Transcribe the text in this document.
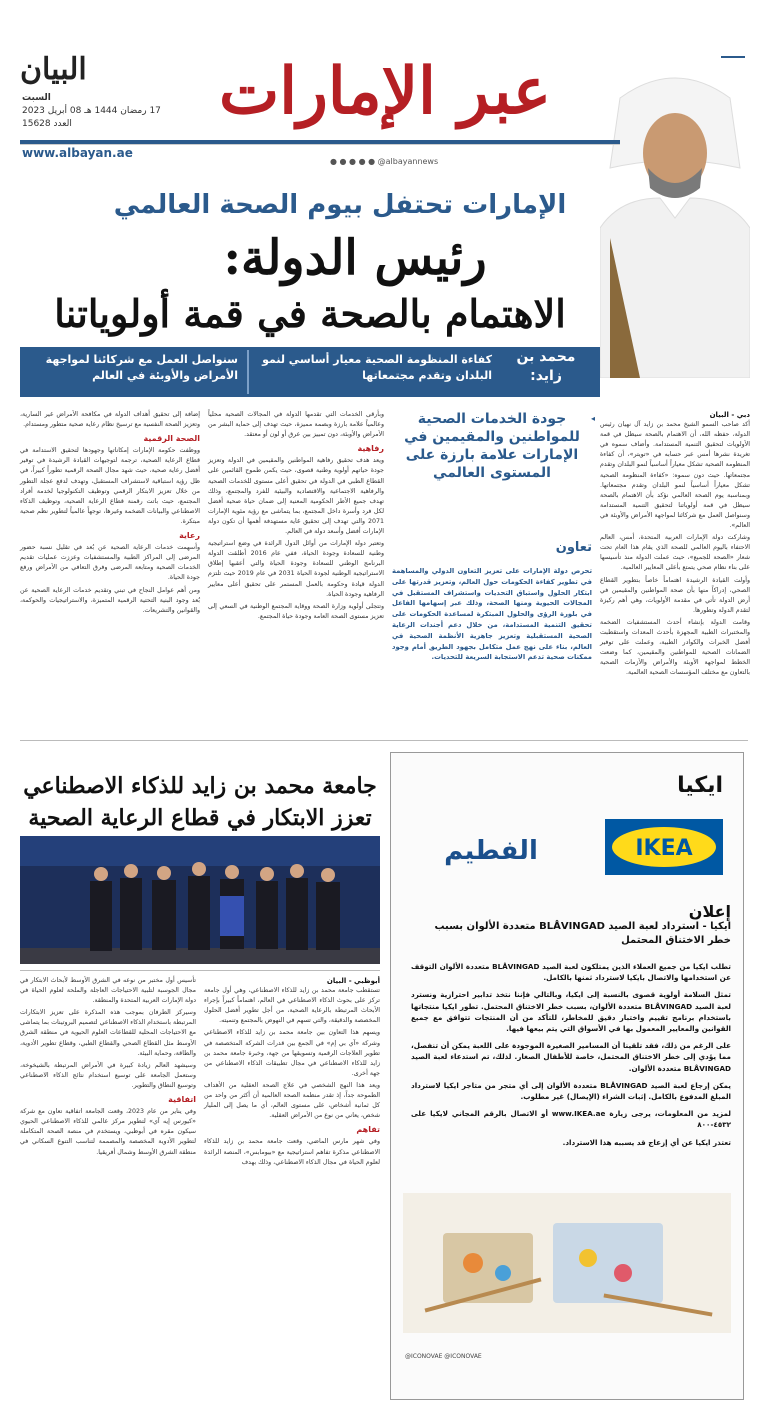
عبر الإمارات
البيان
السبت
17 رمضان 1444 هـ 08 أبريل 2023
العدد 15628
www.albayan.ae
● ● ● ● ● @albayannews
الإمارات تحتفل بيوم الصحة العالمي
رئيس الدولة:
الاهتمام بالصحة في قمة أولوياتنا
محمد بن زايد:
كفاءة المنظومة الصحية معيار أساسي لنمو البلدان وتقدم مجتمعاتها
سنواصل العمل مع شركائنا لمواجهة الأمراض والأوبئة في العالم
دبي - البيان

أكد صاحب السمو الشيخ محمد بن زايد آل نهيان رئيس الدولة، حفظه الله، أن الاهتمام بالصحة سيظل في قمة الأولويات لتحقيق التنمية المستدامة. وأضاف سموه في تغريدة نشرها أمس عبر حسابه في «تويتر»، أن كفاءة المنظومة الصحية تشكل معياراً أساسياً لنمو البلدان وتقدم مجتمعاتها. حيث دون سموه: «كفاءة المنظومة الصحية تشكل معياراً أساسياً لنمو البلدان وتقدم مجتمعاتها. وبمناسبة يوم الصحة العالمي نؤكد بأن الاهتمام بالصحة سيظل في قمة أولوياتنا لتحقيق التنمية المستدامة وسنواصل العمل مع شركائنا لمواجهة الأمراض والأوبئة في العالم».

وشاركت دولة الإمارات العربية المتحدة، أمس، العالم الاحتفاء باليوم العالمي للصحة الذي يقام هذا العام تحت شعار «الصحة للجميع»، حيث عملت الدولة منذ تأسيسها على بناء نظام صحي يتمتع بأعلى المعايير العالمية.

وأولت القيادة الرشيدة اهتماماً خاصاً بتطوير القطاع الصحي، إدراكاً منها بأن صحة المواطنين والمقيمين في أرض الدولة تأتي في مقدمة الأولويات، وهي أهم ركيزة لتقدم الدولة وتطورها.

وقامت الدولة بإنشاء أحدث المستشفيات الضخمة والمختبرات الطبية المجهزة بأحدث المعدات واستقطبت أفضل الخبرات والكوادر الطبية، وعملت على توفير الضمانات الصحية للمواطنين والمقيمين، كما وضعت الخطط لمواجهة الأوبئة والأمراض والأزمات الصحية بالتعاون مع مختلف المؤسسات الصحية العالمية.

◂
جودة الخدمات الصحية للمواطنين والمقيمين في الإمارات علامة بارزة على المستوى العالمي
تعاون
تحرص دولة الإمارات على تعزيز التعاون الدولي والمساهمة في تطوير كفاءة الحكومات حول العالم، وتعزيز قدرتها على ابتكار الحلول واستباق التحديات واستشراف المستقبل في المجالات الحيوية ومنها الصحة، وذلك عبر إسهامها الفاعل في بلورة الرؤى والحلول المبتكرة لمساعدة الحكومات على تحقيق التنمية المستدامة، من خلال دعم أجندات الرعاية الصحية المستقبلية وتعزيز جاهزية الأنظمة الصحية في العالم، بناء على نهج عمل متكامل بجهود الطريق أمام وجود ممكنات صحية تدعم الاستجابة السريعة للتحديات.

وبأرقى الخدمات التي تقدمها الدولة في المجالات الصحية محلياً وعالمياً علامة بارزة وبصمة مميزة، حيث تهدف إلى حماية البشر من الأمراض والأوبئة، دون تمييز بين عرق أو لون أو معتقد.

رفاهية

ويعد هدف تحقيق رفاهية المواطنين والمقيمين في الدولة وتعزيز جودة حياتهم أولوية وطنية قصوى، حيث يكمن طموح القائمين على القطاع الطبي في الدولة في تحقيق أعلى مستوى للخدمات الصحية والرفاهية الاجتماعية والاقتصادية والبيئية للفرد والمجتمع، وذلك تهدف جميع الأطر الحكومية المعنية إلى ضمان حياة صحية أفضل لكل فرد وأسرة داخل المجتمع، بما يتماشى مع رؤية مئوية الإمارات 2071 والتي تهدف إلى تحقيق غاية مستهدفة أهمها أن تكون دولة الإمارات أفضل وأسعد دولة في العالم.

وتعتبر دولة الإمارات من أوائل الدول الرائدة في وضع استراتيجية وطنية للسعادة وجودة الحياة، ففي عام 2016 أطلقت الدولة البرنامج الوطني للسعادة وجودة الحياة والتي أعقبها إطلاق الاستراتيجية الوطنية لجودة الحياة 2031 في عام 2019 حيث تلتزم الدولة قيادة وحكومة بالعمل المستمر على تحقيق أعلى معايير الرفاهية وجودة الحياة.

وتتجلى أولوية وزارة الصحة ووقاية المجتمع الوطنية في السعي إلى تعزيز مستوى الصحة العامة وجودة حياة المجتمع.

إضافة إلى تحقيق أهداف الدولة في مكافحة الأمراض غير السارية، وتعزيز الصحة النفسية مع ترسيخ نظام رعاية صحية متطور ومستدام.

الصحة الرقمية

ووظفت حكومة الإمارات إمكاناتها وجهودها لتحقيق الاستدامة في قطاع الرعاية الصحية، ترجمة لتوجيهات القيادة الرشيدة في توفير أفضل رعاية صحية، حيث شهد مجال الصحة الرقمية تطوراً كبيراً، في ظل رؤية استباقية لاستشراف المستقبل، وتهدف لدفع عجلة التطور من خلال تعزيز الابتكار الرقمي وتوظيف التكنولوجيا لخدمة أفراد المجتمع، حيث باتت رقمنة قطاع الرعاية الصحية، وتوظيف الذكاء الاصطناعي والبيانات الضخمة وغيرها، توجهاً عالمياً لتطوير نظم صحية مبتكرة.

رعاية

وأسهمت خدمات الرعاية الصحية عن بُعد في تقليل نسبة حضور المرضى إلى المراكز الطبية والمستشفيات وعززت عمليات تقديم الخدمات الصحية ومتابعة المرضى وفرق التعافي من الأمراض ورفع جودة الحياة.

ومن أهم عوامل النجاح في تبني وتقديم خدمات الرعاية الصحية عن بُعد وجود البنية التحتية الرقمية المتميزة، والاستراتيجيات والحوكمة، والقوانين والتشريعات.

جامعة محمد بن زايد للذكاء الاصطناعي
تعزز الابتكار في قطاع الرعاية الصحية
أبوظبي - البيان

تستقطب جامعة محمد بن زايد للذكاء الاصطناعي، وهي أول جامعة تركز على بحوث الذكاء الاصطناعي في العالم، اهتماماً كبيراً بإجراء الأبحاث المرتبطة بالرعاية الصحية، من أجل تطوير أفضل الحلول المخصصة والدقيقة، والتي تسهم في النهوض بالمجتمع وتنميته.

ويسهم هذا التعاون بين جامعة محمد بن زايد للذكاء الاصطناعي وشركة «آي بي إم» في الجمع بين قدرات الشركة المتخصصة في تطوير العلاجات الرقمية وتسويقها من جهة، وخبرة جامعة محمد بن زايد للذكاء الاصطناعي في مجال تطبيقات الذكاء الاصطناعي من جهة أخرى.

ويعد هذا النهج الشخصي في علاج الصحة العقلية من الأهداف الطموحة جداً، إذ تقدر منظمة الصحة العالمية أن أكثر من واحد من كل ثمانية أشخاص، على مستوى العالم، أي ما يصل إلى المليار شخص، يعاني من نوع من الأمراض العقلية.

تفاهم

وفي شهر مارس الماضي، وقعت جامعة محمد بن زايد للذكاء الاصطناعي مذكرة تفاهم استراتيجية مع «بيومابس»، المنصة الرائدة لعلوم الحياة في مجال الذكاء الاصطناعي، وذلك بهدف

تأسيس أول مختبر من نوعه في الشرق الأوسط لأبحاث الابتكار في مجال الجوسبة لتلبية الاحتياجات العاجلة والملحة لعلوم الحياة في دولة الإمارات العربية المتحدة والمنطقة.

وسيركز الطرفان بموجب هذه المذكرة على تعزيز الابتكارات المرتبطة باستخدام الذكاء الاصطناعي لتصميم البروتينات بما يتماشى مع الاحتياجات المحلية للقطاعات العلوم الحيوية في منطقة الشرق الأوسط مثل القطاع الصحي والقطاع الطبي، وقطاع تطوير الأدوية، والطاقة، وحماية البيئة.

وسيشهد العالم زيادة كبيرة في الأمراض المرتبطة بالشيخوخة، وستعمل الجامعة على توسيع استخدام نتائج الذكاء الاصطناعي وتوسيع النطاق والتطوير.

اتفاقية

وفي يناير من عام 2023، وقعت الجامعة اتفاقية تعاون مع شركة «كيورس إيه آي» لتطوير مركز عالمي للذكاء الاصطناعي الحيوي سيكون مقره في أبوظبي، ويستخدم في منصة الصحة المتكاملة لتطوير الأدوية المخصصة والمصممة لتناسب التنوع السكاني في منطقة الشرق الأوسط وشمال أفريقيا.

ايكيا
IKEA
الفطيم
إعلان
ايكيا - استرداد لعبة الصيد BLÅVINGAD متعددة الألوان بسبب خطر الاختناق المحتمل

تطلب ايكيا من جميع العملاء الذين يمتلكون لعبة الصيد BLÅVINGAD متعددة الألوان التوقف عن استخدامها والاتصال بايكيا لاسترداد ثمنها بالكامل.

تمثل السلامة أولوية قصوى بالنسبة إلى ايكيا، وبالتالي فإننا نتخذ تدابير احترازية ونسترد لعبة الصيد BLÅVINGAD متعددة الألوان، بسبب خطر الاختناق المحتمل. تطور ايكيا منتجاتها باستخدام برنامج تقييم واختبار دقيق للمخاطر، للتأكد من أن المنتجات تتوافق مع جميع القوانين والمعايير المعمول بها في الأسواق التي يتم بيعها فيها.

على الرغم من ذلك، فقد تلقينا أن المسامير الصغيرة الموجودة على اللعبة يمكن أن تنفصل، مما يؤدي إلى خطر الاختناق المحتمل، خاصة للأطفال الصغار. لذلك، تم استدعاء لعبة الصيد BLÅVINGAD متعددة الألوان.

يمكن إرجاع لعبة الصيد BLÅVINGAD متعددة الألوان إلى أي متجر من متاجر ايكيا لاسترداد المبلغ المدفوع بالكامل. إثبات الشراء (الإيصال) غير مطلوب.

لمزيد من المعلومات، يرجى زيارة www.IKEA.ae أو الاتصال بالرقم المجاني لايكيا على ٤٥٣٢-٨٠٠

تعتذر ايكيا عن أي إزعاج قد يسببه هذا الاسترداد.

@ICONOVAE @ICONOVAE
